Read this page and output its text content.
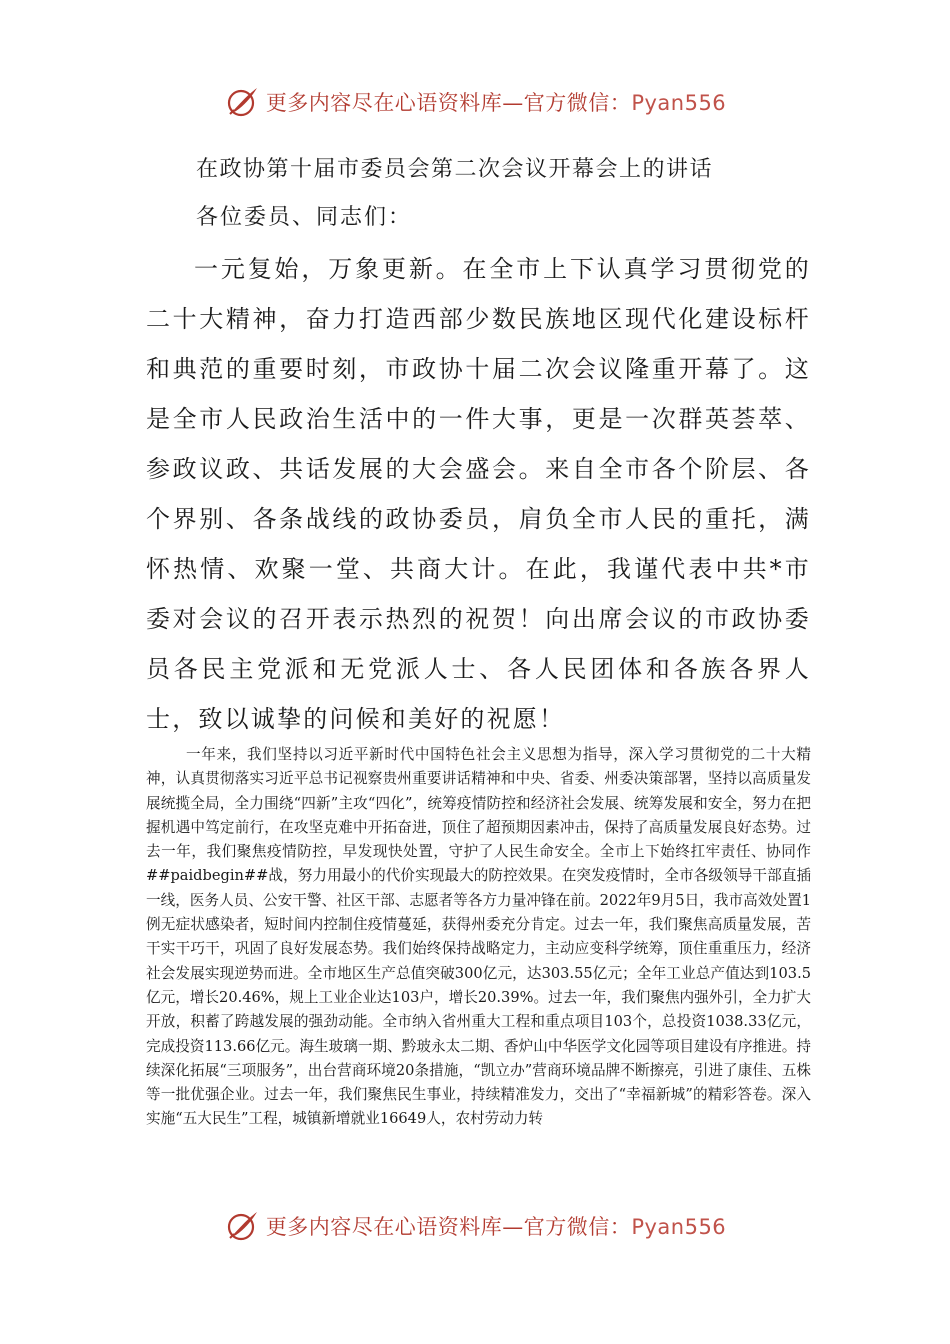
更多内容尽在心语资料库—官方微信：Pyan556
在政协第十届市委员会第二次会议开幕会上的讲话
各位委员、同志们：

一元复始，万象更新。在全市上下认真学习贯彻党的二十大精神，奋力打造西部少数民族地区现代化建设标杆和典范的重要时刻，市政协十届二次会议隆重开幕了。这是全市人民政治生活中的一件大事，更是一次群英荟萃、参政议政、共话发展的大会盛会。来自全市各个阶层、各个界别、各条战线的政协委员，肩负全市人民的重托，满怀热情、欢聚一堂、共商大计。在此，我谨代表中共*市委对会议的召开表示热烈的祝贺！向出席会议的市政协委员各民主党派和无党派人士、各人民团体和各族各界人士，致以诚挚的问候和美好的祝愿！

一年来，我们坚持以习近平新时代中国特色社会主义思想为指导，深入学习贯彻党的二十大精神，认真贯彻落实习近平总书记视察贵州重要讲话精神和中央、省委、州委决策部署，坚持以高质量发展统揽全局，全力围绕“四新”主攻“四化”，统筹疫情防控和经济社会发展、统筹发展和安全，努力在把握机遇中笃定前行，在攻坚克难中开拓奋进，顶住了超预期因素冲击，保持了高质量发展良好态势。过去一年，我们聚焦疫情防控，早发现快处置，守护了人民生命安全。全市上下始终扛牢责任、协同作##paidbegin##战，努力用最小的代价实现最大的防控效果。在突发疫情时，全市各级领导干部直插一线，医务人员、公安干警、社区干部、志愿者等各方力量冲锋在前。2022年9月5日，我市高效处置1例无症状感染者，短时间内控制住疫情蔓延，获得州委充分肯定。过去一年，我们聚焦高质量发展，苦干实干巧干，巩固了良好发展态势。我们始终保持战略定力，主动应变科学统筹，顶住重重压力，经济社会发展实现逆势而进。全市地区生产总值突破300亿元，达303.55亿元；全年工业总产值达到103.5亿元，增长20.46%，规上工业企业达103户，增长20.39%。过去一年，我们聚焦内强外引，全力扩大开放，积蓄了跨越发展的强劲动能。全市纳入省州重大工程和重点项目103个，总投资1038.33亿元，完成投资113.66亿元。海生玻璃一期、黔玻永太二期、香炉山中华医学文化园等项目建设有序推进。持续深化拓展“三项服务”，出台营商环境20条措施，“凯立办”营商环境品牌不断擦亮，引进了康佳、五株等一批优强企业。过去一年，我们聚焦民生事业，持续精准发力，交出了“幸福新城”的精彩答卷。深入实施“五大民生”工程，城镇新增就业16649人，农村劳动力转

更多内容尽在心语资料库—官方微信：Pyan556
